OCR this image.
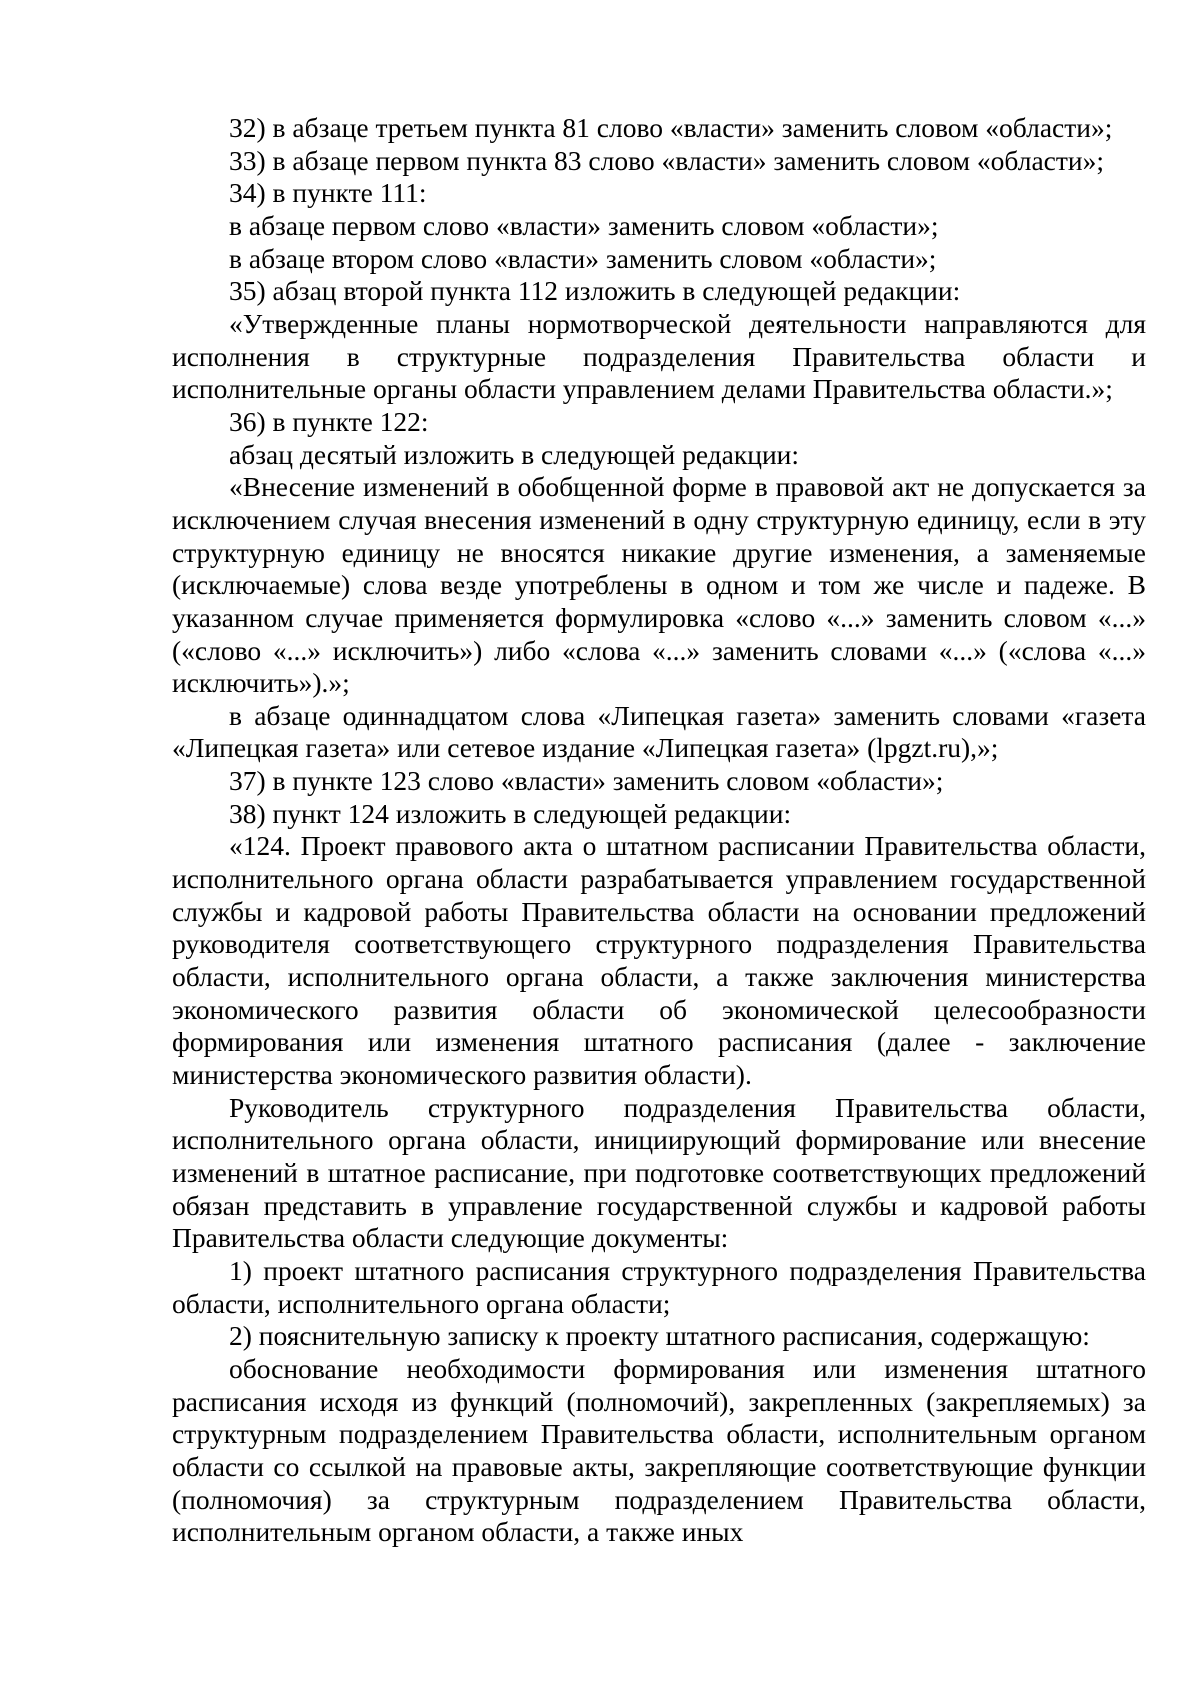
32) в абзаце третьем пункта 81 слово «власти» заменить словом «области»;

33) в абзаце первом пункта 83 слово «власти» заменить словом «области»;

34) в пункте 111:

в абзаце первом слово «власти» заменить словом «области»;

в абзаце втором слово «власти» заменить словом «области»;

35) абзац второй пункта 112 изложить в следующей редакции:

«Утвержденные планы нормотворческой деятельности направляются для исполнения в структурные подразделения Правительства области и исполнительные органы области управлением делами Правительства области.»;

36) в пункте 122:

абзац десятый изложить в следующей редакции:

«Внесение изменений в обобщенной форме в правовой акт не допускается за исключением случая внесения изменений в одну структурную единицу, если в эту структурную единицу не вносятся никакие другие изменения, а заменяемые (исключаемые) слова везде употреблены в одном и том же числе и падеже. В указанном случае применяется формулировка «слово «...» заменить словом «...» («слово «...» исключить») либо «слова «...» заменить словами «...» («слова «...» исключить»).»;

в абзаце одиннадцатом слова «Липецкая газета» заменить словами «газета «Липецкая газета» или сетевое издание «Липецкая газета» (lpgzt.ru),»;

37) в пункте 123 слово «власти» заменить словом «области»;

38) пункт 124 изложить в следующей редакции:

«124. Проект правового акта о штатном расписании Правительства области, исполнительного органа области разрабатывается управлением государственной службы и кадровой работы Правительства области на основании предложений руководителя соответствующего структурного подразделения Правительства области, исполнительного органа области, а также заключения министерства экономического развития области об экономической целесообразности формирования или изменения штатного расписания (далее - заключение министерства экономического развития области).

Руководитель структурного подразделения Правительства области, исполнительного органа области, инициирующий формирование или внесение изменений в штатное расписание, при подготовке соответствующих предложений обязан представить в управление государственной службы и кадровой работы Правительства области следующие документы:

1) проект штатного расписания структурного подразделения Правительства области, исполнительного органа области;

2) пояснительную записку к проекту штатного расписания, содержащую:

обоснование необходимости формирования или изменения штатного расписания исходя из функций (полномочий), закрепленных (закрепляемых) за структурным подразделением Правительства области, исполнительным органом области со ссылкой на правовые акты, закрепляющие соответствующие функции (полномочия) за структурным подразделением Правительства области, исполнительным органом области, а также иных
